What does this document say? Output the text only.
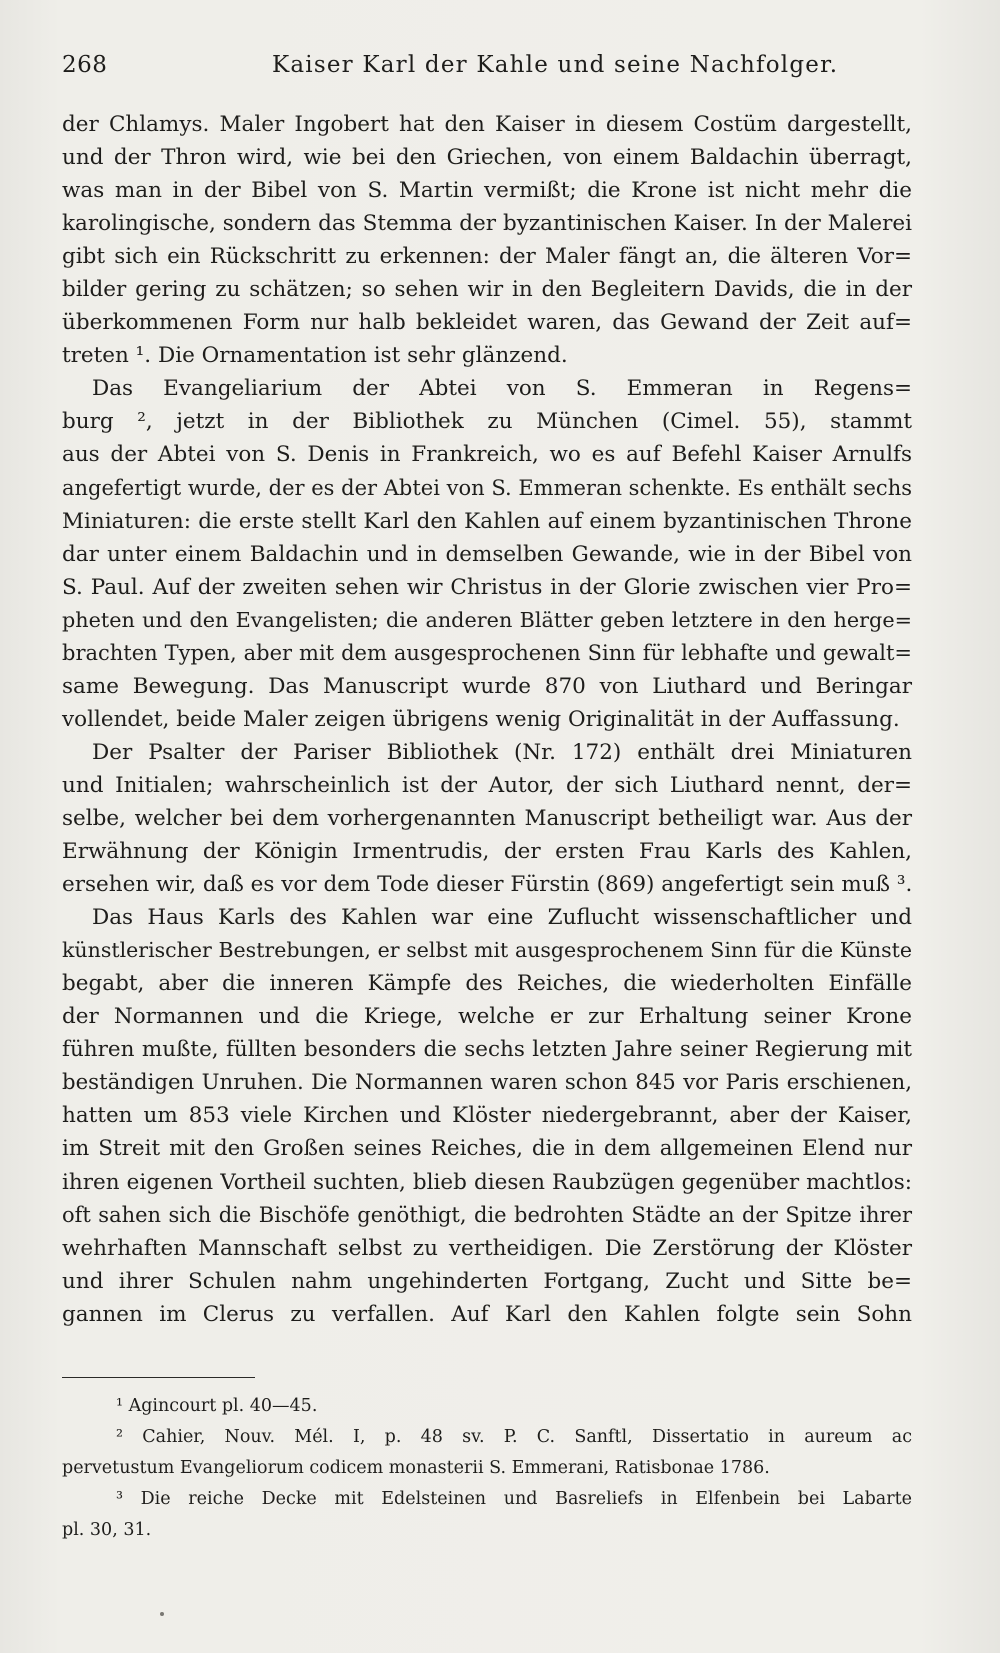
268	Kaiser Karl der Kahle und seine Nachfolger.
der Chlamys. Maler Ingobert hat den Kaiser in diesem Costüm dargestellt,
und der Thron wird, wie bei den Griechen, von einem Baldachin überragt,
was man in der Bibel von S. Martin vermißt; die Krone ist nicht mehr die
karolingische, sondern das Stemma der byzantinischen Kaiser. In der Malerei
gibt sich ein Rückschritt zu erkennen: der Maler fängt an, die älteren Vor=
bilder gering zu schätzen; so sehen wir in den Begleitern Davids, die in der
überkommenen Form nur halb bekleidet waren, das Gewand der Zeit auf=
treten ¹. Die Ornamentation ist sehr glänzend.
Das Evangeliarium der Abtei von S. Emmeran in Regens=
burg ², jetzt in der Bibliothek zu München (Cimel. 55), stammt
aus der Abtei von S. Denis in Frankreich, wo es auf Befehl Kaiser Arnulfs
angefertigt wurde, der es der Abtei von S. Emmeran schenkte. Es enthält sechs
Miniaturen: die erste stellt Karl den Kahlen auf einem byzantinischen Throne
dar unter einem Baldachin und in demselben Gewande, wie in der Bibel von
S. Paul. Auf der zweiten sehen wir Christus in der Glorie zwischen vier Pro=
pheten und den Evangelisten; die anderen Blätter geben letztere in den herge=
brachten Typen, aber mit dem ausgesprochenen Sinn für lebhafte und gewalt=
same Bewegung. Das Manuscript wurde 870 von Liuthard und Beringar
vollendet, beide Maler zeigen übrigens wenig Originalität in der Auffassung.
Der Psalter der Pariser Bibliothek (Nr. 172) enthält drei Miniaturen
und Initialen; wahrscheinlich ist der Autor, der sich Liuthard nennt, der=
selbe, welcher bei dem vorhergenannten Manuscript betheiligt war. Aus der
Erwähnung der Königin Irmentrudis, der ersten Frau Karls des Kahlen,
ersehen wir, daß es vor dem Tode dieser Fürstin (869) angefertigt sein muß ³.
Das Haus Karls des Kahlen war eine Zuflucht wissenschaftlicher und
künstlerischer Bestrebungen, er selbst mit ausgesprochenem Sinn für die Künste
begabt, aber die inneren Kämpfe des Reiches, die wiederholten Einfälle
der Normannen und die Kriege, welche er zur Erhaltung seiner Krone
führen mußte, füllten besonders die sechs letzten Jahre seiner Regierung mit
beständigen Unruhen. Die Normannen waren schon 845 vor Paris erschienen,
hatten um 853 viele Kirchen und Klöster niedergebrannt, aber der Kaiser,
im Streit mit den Großen seines Reiches, die in dem allgemeinen Elend nur
ihren eigenen Vortheil suchten, blieb diesen Raubzügen gegenüber machtlos:
oft sahen sich die Bischöfe genöthigt, die bedrohten Städte an der Spitze ihrer
wehrhaften Mannschaft selbst zu vertheidigen. Die Zerstörung der Klöster
und ihrer Schulen nahm ungehinderten Fortgang, Zucht und Sitte be=
gannen im Clerus zu verfallen. Auf Karl den Kahlen folgte sein Sohn
¹ Agincourt pl. 40—45.
² Cahier, Nouv. Mél. I, p. 48 sv. P. C. Sanftl, Dissertatio in aureum ac
pervetustum Evangeliorum codicem monasterii S. Emmerani, Ratisbonae 1786.
³ Die reiche Decke mit Edelsteinen und Basreliefs in Elfenbein bei Labarte
pl. 30, 31.
